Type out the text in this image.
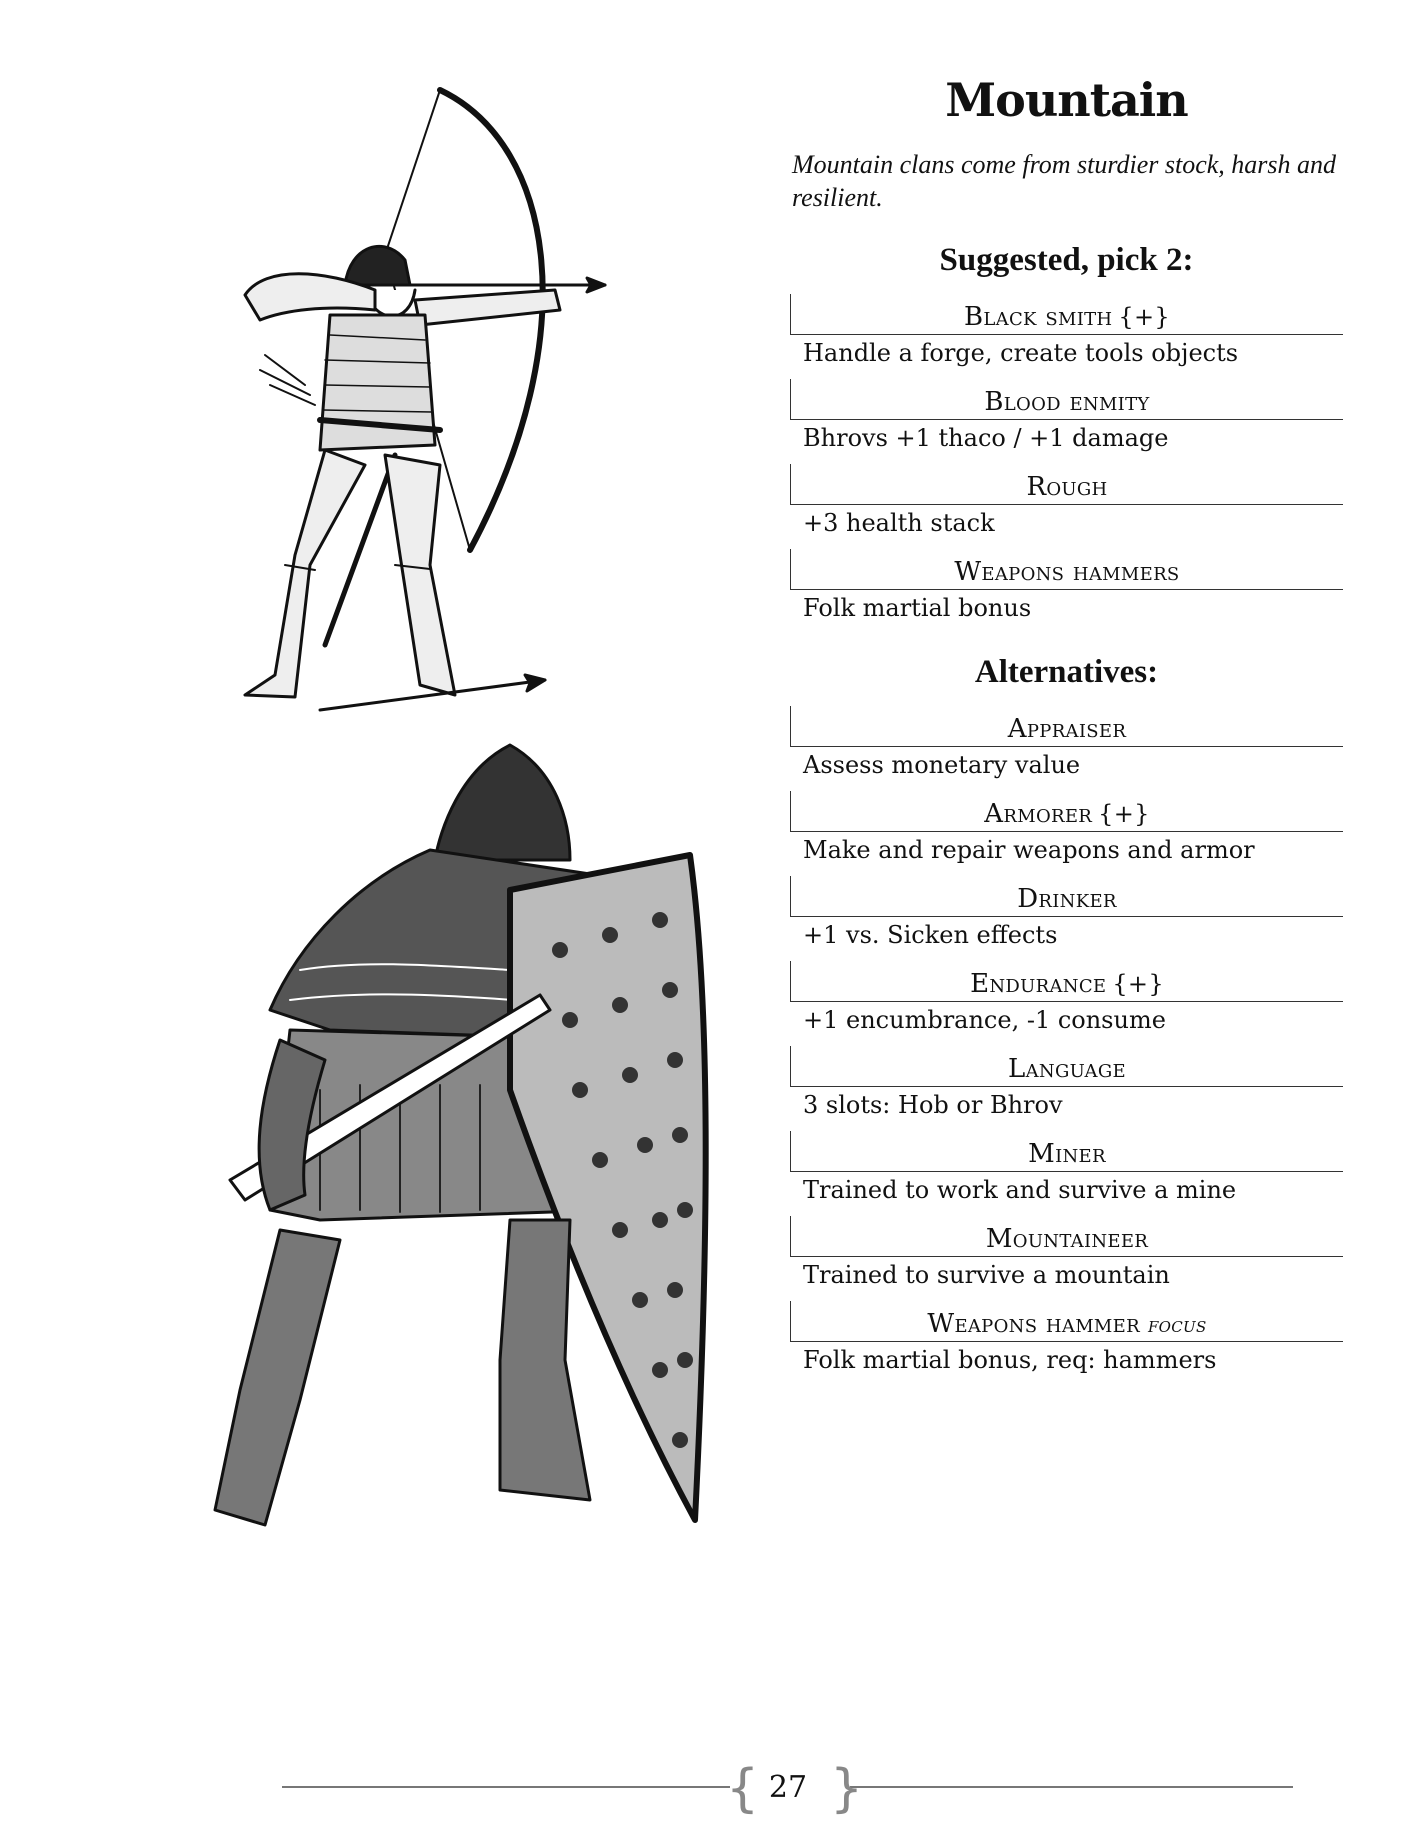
Mountain

Mountain clans come from sturdier stock, harsh and resilient.

Suggested, pick 2:
Black smith {+}
Handle a forge, create tools objects
Blood enmity
Bhrovs +1 thaco / +1 damage
Rough
+3 health stack
Weapons hammers
Folk martial bonus
Alternatives:
Appraiser
Assess monetary value
Armorer {+}
Make and repair weapons and armor
Drinker
+1 vs. Sicken effects
Endurance {+}
+1 encumbrance, -1 consume
Language
3 slots: Hob or Bhrov
Miner
Trained to work and survive a mine
Mountaineer
Trained to survive a mountain
Weapons hammer focus
Folk martial bonus, req: hammers
{ }
27
